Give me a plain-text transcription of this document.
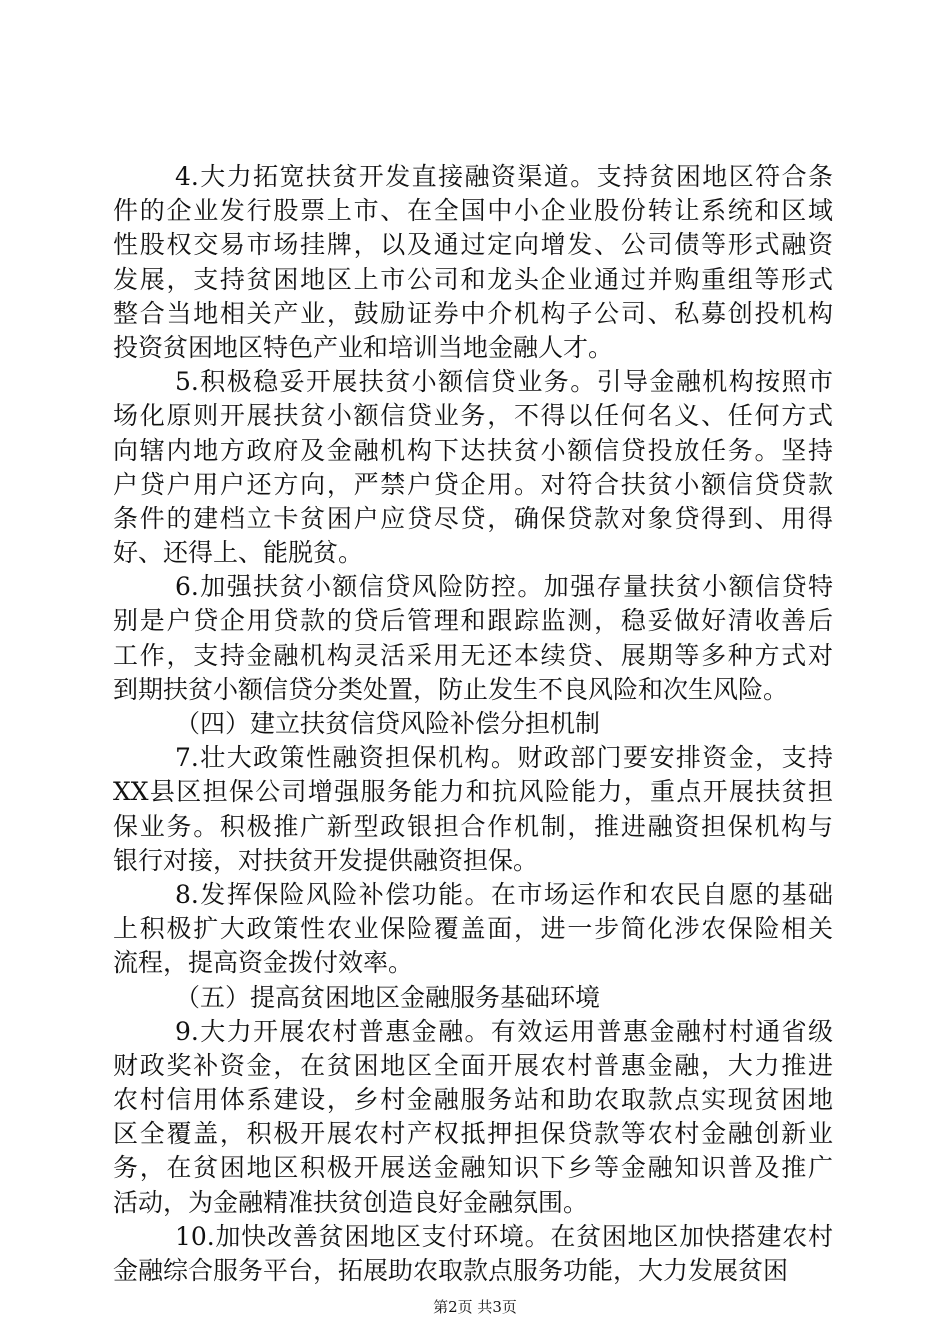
4.大力拓宽扶贫开发直接融资渠道。支持贫困地区符合条
件的企业发行股票上市、在全国中小企业股份转让系统和区域
性股权交易市场挂牌，以及通过定向增发、公司债等形式融资
发展，支持贫困地区上市公司和龙头企业通过并购重组等形式
整合当地相关产业，鼓励证券中介机构子公司、私募创投机构
投资贫困地区特色产业和培训当地金融人才。
5.积极稳妥开展扶贫小额信贷业务。引导金融机构按照市
场化原则开展扶贫小额信贷业务，不得以任何名义、任何方式
向辖内地方政府及金融机构下达扶贫小额信贷投放任务。坚持
户贷户用户还方向，严禁户贷企用。对符合扶贫小额信贷贷款
条件的建档立卡贫困户应贷尽贷，确保贷款对象贷得到、用得
好、还得上、能脱贫。
6.加强扶贫小额信贷风险防控。加强存量扶贫小额信贷特
别是户贷企用贷款的贷后管理和跟踪监测，稳妥做好清收善后
工作，支持金融机构灵活采用无还本续贷、展期等多种方式对
到期扶贫小额信贷分类处置，防止发生不良风险和次生风险。
（四）建立扶贫信贷风险补偿分担机制
7.壮大政策性融资担保机构。财政部门要安排资金，支持
XX县区担保公司增强服务能力和抗风险能力，重点开展扶贫担
保业务。积极推广新型政银担合作机制，推进融资担保机构与
银行对接，对扶贫开发提供融资担保。
8.发挥保险风险补偿功能。在市场运作和农民自愿的基础
上积极扩大政策性农业保险覆盖面，进一步简化涉农保险相关
流程，提高资金拨付效率。
（五）提高贫困地区金融服务基础环境
9.大力开展农村普惠金融。有效运用普惠金融村村通省级
财政奖补资金，在贫困地区全面开展农村普惠金融，大力推进
农村信用体系建设，乡村金融服务站和助农取款点实现贫困地
区全覆盖，积极开展农村产权抵押担保贷款等农村金融创新业
务，在贫困地区积极开展送金融知识下乡等金融知识普及推广
活动，为金融精准扶贫创造良好金融氛围。
10.加快改善贫困地区支付环境。在贫困地区加快搭建农村
金融综合服务平台，拓展助农取款点服务功能，大力发展贫困
第2页 共3页
